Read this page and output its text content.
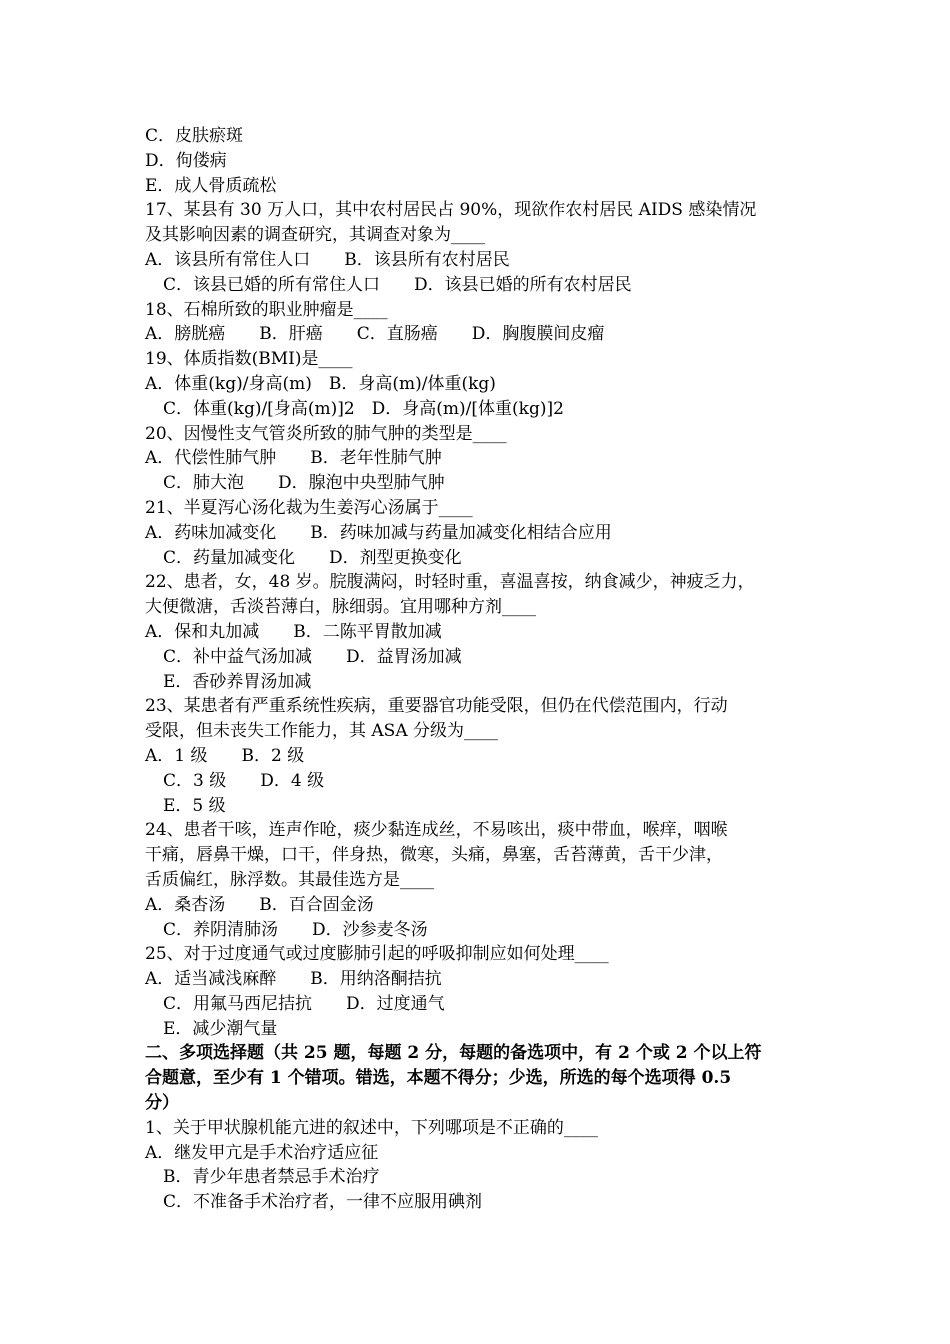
C．皮肤瘀斑
D．佝偻病
E．成人骨质疏松
17、某县有 30 万人口，其中农村居民占 90%，现欲作农村居民 AIDS 感染情况
及其影响因素的调查研究，其调查对象为____
A．该县所有常住人口　　B．该县所有农村居民
C．该县已婚的所有常住人口　　D．该县已婚的所有农村居民
18、石棉所致的职业肿瘤是____
A．膀胱癌　　B．肝癌　　C．直肠癌　　D．胸腹膜间皮瘤
19、体质指数(BMI)是____
A．体重(kg)/身高(m)　B．身高(m)/体重(kg)
C．体重(kg)/[身高(m)]2　D．身高(m)/[体重(kg)]2
20、因慢性支气管炎所致的肺气肿的类型是____
A．代偿性肺气肿　　B．老年性肺气肿
C．肺大泡　　D．腺泡中央型肺气肿
21、半夏泻心汤化裁为生姜泻心汤属于____
A．药味加减变化　　B．药味加减与药量加减变化相结合应用
C．药量加减变化　　D．剂型更换变化
22、患者，女，48 岁。脘腹满闷，时轻时重，喜温喜按，纳食减少，神疲乏力，
大便微溏，舌淡苔薄白，脉细弱。宜用哪种方剂____
A．保和丸加减　　B．二陈平胃散加减
C．补中益气汤加减　　D．益胃汤加减
E．香砂养胃汤加减
23、某患者有严重系统性疾病，重要器官功能受限，但仍在代偿范围内，行动
受限，但未丧失工作能力，其 ASA 分级为____
A．1 级　　B．2 级
C．3 级　　D．4 级
E．5 级
24、患者干咳，连声作呛，痰少黏连成丝，不易咳出，痰中带血，喉痒，咽喉
干痛，唇鼻干燥，口干，伴身热，微寒，头痛，鼻塞，舌苔薄黄，舌干少津，
舌质偏红，脉浮数。其最佳选方是____
A．桑杏汤　　B．百合固金汤
C．养阴清肺汤　　D．沙参麦冬汤
25、对于过度通气或过度膨肺引起的呼吸抑制应如何处理____
A．适当减浅麻醉　　B．用纳洛酮拮抗
C．用氟马西尼拮抗　　D．过度通气
E．减少潮气量
二、多项选择题（共 25 题，每题 2 分，每题的备选项中，有 2 个或 2 个以上符
合题意，至少有 1 个错项。错选，本题不得分；少选，所选的每个选项得 0.5
分）
1、关于甲状腺机能亢进的叙述中，下列哪项是不正确的____
A．继发甲亢是手术治疗适应征
B．青少年患者禁忌手术治疗
C．不准备手术治疗者，一律不应服用碘剂
